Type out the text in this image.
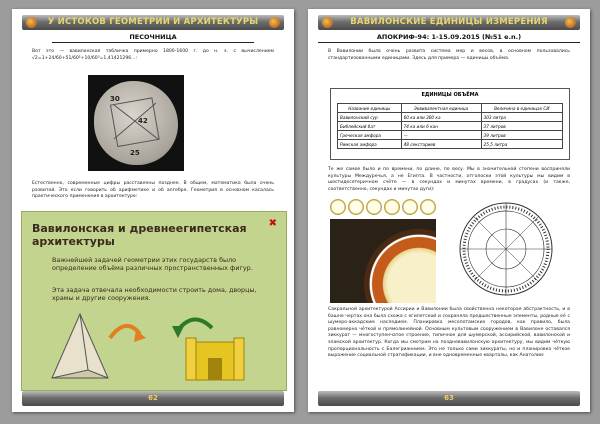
У ИСТОКОВ ГЕОМЕТРИИ И АРХИТЕКТУРЫ
ПЕСОЧНИЦА

Вот это — вавилонская табличка примерно 1800-1600 г. до н. э. с вычислением √2=1+24/60+51/60²+10/60³=1,41421296...:

30
42
25

Естественно, современные цифры расставлены позднее. В общем, математика была очень развитой. Это если говорить об арифметике и об алгебре. Геометрия в основном касалась практического применения в архитектуре:

✖
Вавилонская и древнеегипетская архитектуры
Важнейшей задачей геометрии этих государств было определение объёма различных пространственных фигур.
Эта задача отвечала необходимости строить дома, дворцы, храмы и другие сооружения.
62
ВАВИЛОНСКИЕ ЕДИНИЦЫ ИЗМЕРЕНИЯ
АПОКРИФ-94: 1-15.09.2015 (№51 e.n.)

В Вавилонии была очень развита система мер и весов, в основном пользовались стандартизованными единицами. Здесь для примера — единицы объёма.

ЕДИНИЦЫ ОБЪЁМА
Название единицы	Эквивалентная единица	Величина в единицах СИ
Вавилонский сур	60 ка или 300 ка	303 литра
Библейский бат	74 ка или 6 кан	37 литров
Греческая амфора	—	39 литров
Римская амфора	48 секстариев	25,5 литра

Те же самое было и по времени, по длине, по весу. Мы в значительной степени восприняли культуры Междуречья, а не Египта. В частности, отголоски этой культуры мы видим в шестидесятеричном счёте — в секундах и минутах времени, в градусах (и также, соответственно, секундах и минутах дуги):

Сакральной архитектурой Ассирии и Вавилонии была свойственна некоторая абстрактность, и в башне чертах она была схожа с египетской и сохраняла предшественные элементы, родные её с шумеро-аккадским наследием. Планировка месопотамских городов, как правило, была равномерно чёткой и прямолинейной. Основным культовым сооружением в Вавилоне оставался зиккурат — многоступенчатое строение, типичное для шумерской, ассирийской, вавилонской и эламской архитектур. Когда мы смотрим на поздневавилонскую архитектуру, мы видим чёткую пропорциональность с Балегрианнием. Это не только сами зиккураты, но и планировка чёткое выражение социальной стратификации, и вне одновременные кварталы, как Анатолии:

63
